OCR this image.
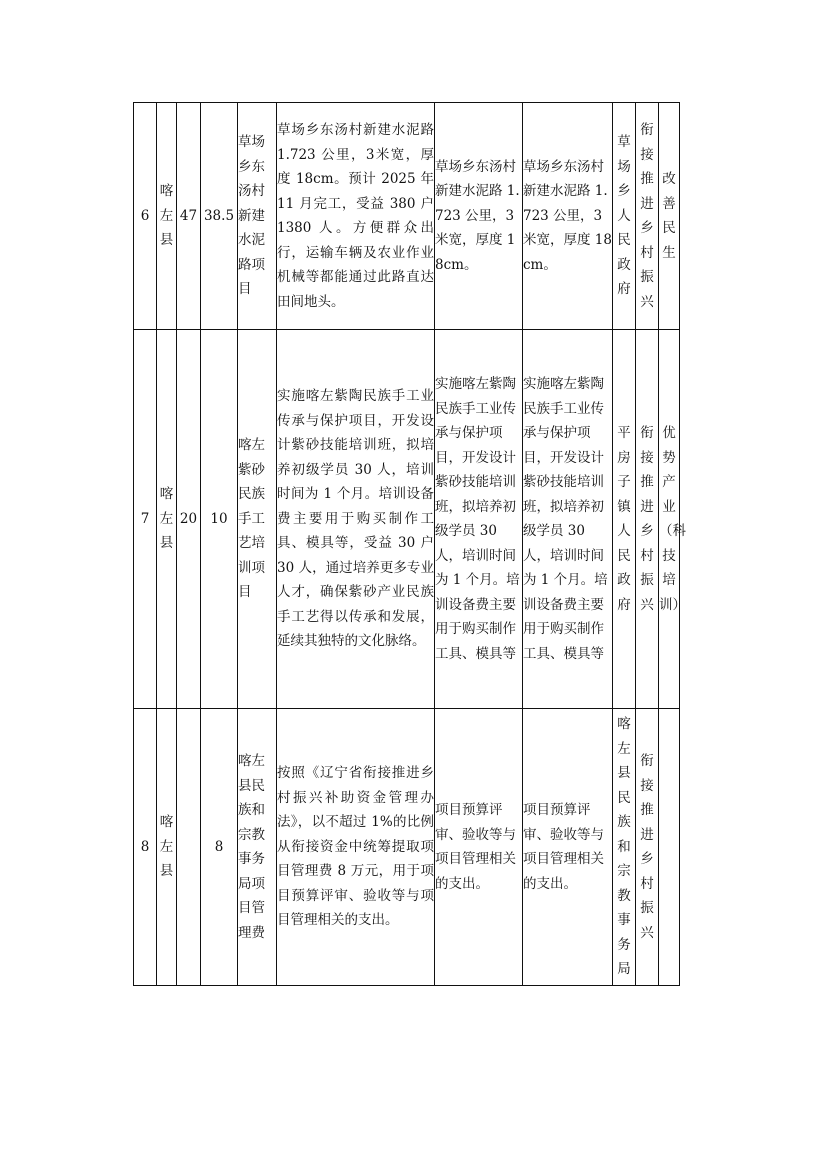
6	喀左县	47	38.5	草场乡东汤村新建水泥路项目	草场乡东汤村新建水泥路 1.723 公里，3米宽，厚度 18cm。预计 2025 年 11 月完工，受益 380 户 1380 人。方便群众出行，运输车辆及农业作业机械等都能通过此路直达田间地头。	草场乡东汤村新建水泥路 1.723 公里，3 米宽，厚度 18cm。	草场乡东汤村新建水泥路 1.723 公里，3 米宽，厚度 18cm。	草场乡人民政府	衔接推进乡村振兴	改善民生
7	喀左县	20	10	喀左紫砂民族手工艺培训项目	实施喀左紫陶民族手工业传承与保护项目，开发设计紫砂技能培训班，拟培养初级学员 30 人，培训时间为 1 个月。培训设备费主要用于购买制作工具、模具等，受益 30 户 30 人，通过培养更多专业人才，确保紫砂产业民族手工艺得以传承和发展，延续其独特的文化脉络。	实施喀左紫陶民族手工业传承与保护项目，开发设计紫砂技能培训班，拟培养初级学员 30 人，培训时间为 1 个月。培训设备费主要用于购买制作工具、模具等	实施喀左紫陶民族手工业传承与保护项目，开发设计紫砂技能培训班，拟培养初级学员 30 人，培训时间为 1 个月。培训设备费主要用于购买制作工具、模具等	平房子镇人民政府	衔接推进乡村振兴	优势产业（科技培训）
8	喀左县		8	喀左县民族和宗教事务局项目管理费	按照《辽宁省衔接推进乡村振兴补助资金管理办法》，以不超过 1%的比例从衔接资金中统筹提取项目管理费 8 万元，用于项目预算评审、验收等与项目管理相关的支出。	项目预算评审、验收等与项目管理相关的支出。	项目预算评审、验收等与项目管理相关的支出。	喀左县民族和宗教事务局	衔接推进乡村振兴	
